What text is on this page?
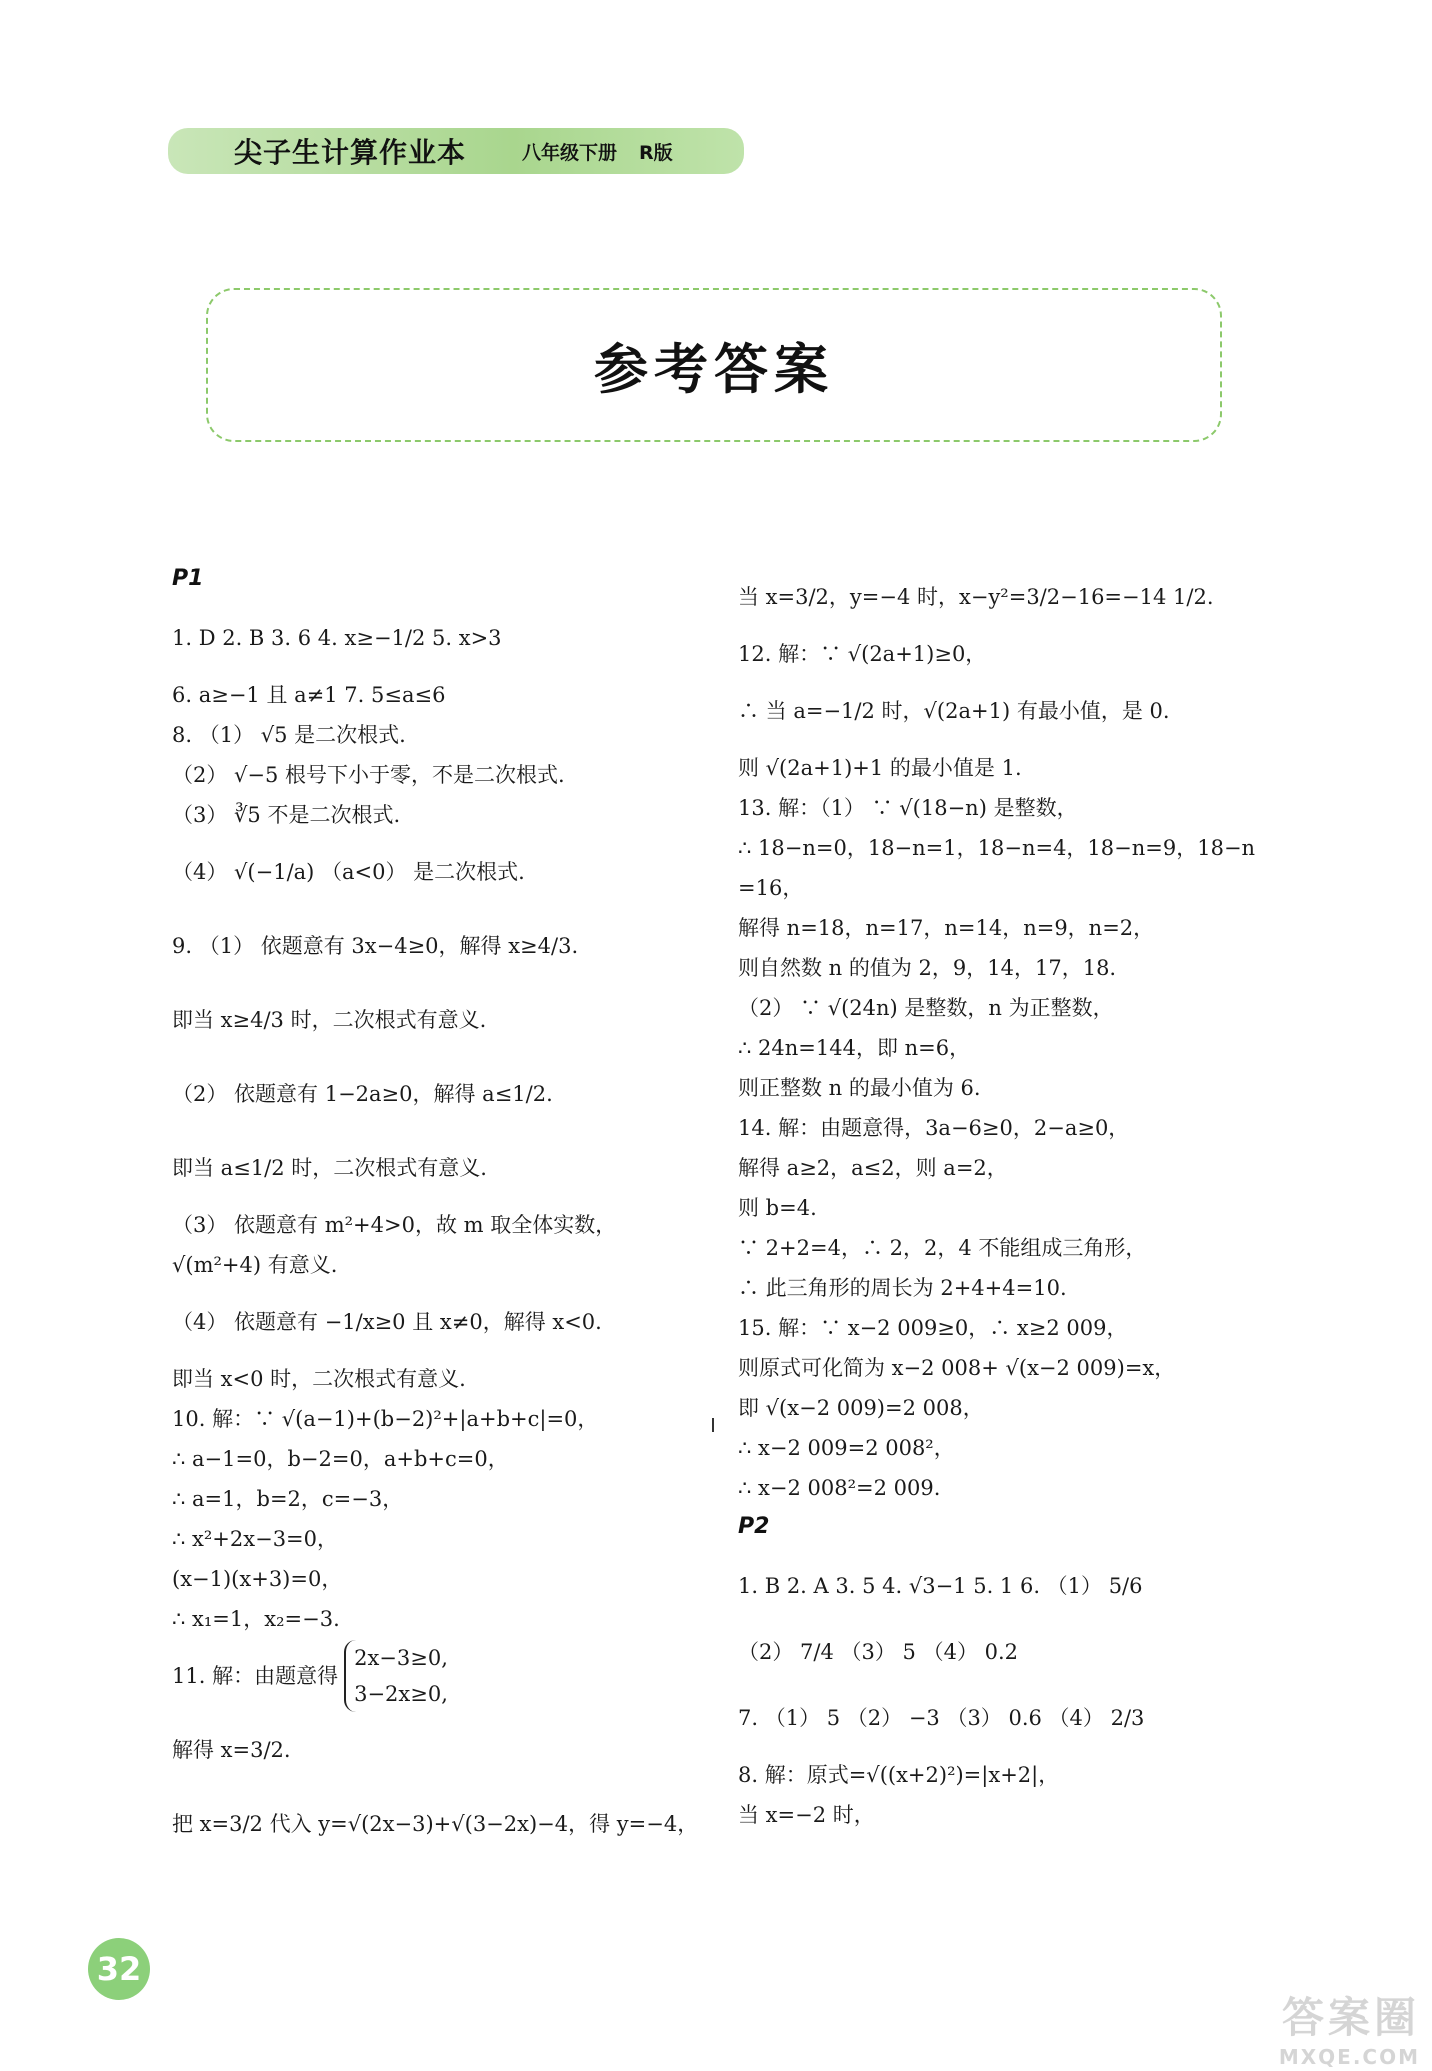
尖子生计算作业本	八年级下册 R版
参考答案
P1
1. D 2. B 3. 6 4. x≥−1/2 5. x>3
6. a≥−1 且 a≠1 7. 5≤a≤6
8. （1） √5 是二次根式.
（2） √−5 根号下小于零，不是二次根式.
（3） ∛5 不是二次根式.
（4） √(−1/a) （a<0） 是二次根式.
9. （1） 依题意有 3x−4≥0，解得 x≥4/3.
即当 x≥4/3 时，二次根式有意义.
（2） 依题意有 1−2a≥0，解得 a≤1/2.
即当 a≤1/2 时，二次根式有意义.
（3） 依题意有 m²+4>0，故 m 取全体实数，
√(m²+4) 有意义.
（4） 依题意有 −1/x≥0 且 x≠0，解得 x<0.
即当 x<0 时，二次根式有意义.
10. 解：∵ √(a−1)+(b−2)²+|a+b+c|=0，
∴ a−1=0，b−2=0，a+b+c=0，
∴ a=1，b=2，c=−3，
∴ x²+2x−3=0，
(x−1)(x+3)=0，
∴ x₁=1，x₂=−3.
11. 解：由题意得
2x−3≥0,
3−2x≥0,
解得 x=3/2.
把 x=3/2 代入 y=√(2x−3)+√(3−2x)−4，得 y=−4，
当 x=3/2，y=−4 时，x−y²=3/2−16=−14 1/2.
12. 解：∵ √(2a+1)≥0，
∴ 当 a=−1/2 时，√(2a+1) 有最小值，是 0.
则 √(2a+1)+1 的最小值是 1.
13. 解：（1） ∵ √(18−n) 是整数，
∴ 18−n=0，18−n=1，18−n=4，18−n=9，18−n
=16，
解得 n=18，n=17，n=14，n=9，n=2，
则自然数 n 的值为 2，9，14，17，18.
（2） ∵ √(24n) 是整数，n 为正整数，
∴ 24n=144，即 n=6，
则正整数 n 的最小值为 6.
14. 解：由题意得，3a−6≥0，2−a≥0，
解得 a≥2，a≤2，则 a=2，
则 b=4.
∵ 2+2=4，∴ 2，2，4 不能组成三角形，
∴ 此三角形的周长为 2+4+4=10.
15. 解：∵ x−2 009≥0，∴ x≥2 009，
则原式可化简为 x−2 008+ √(x−2 009)=x，
即 √(x−2 009)=2 008，
∴ x−2 009=2 008²，
∴ x−2 008²=2 009.
P2
1. B 2. A 3. 5 4. √3−1 5. 1 6. （1） 5/6
（2） 7/4 （3） 5 （4） 0.2
7. （1） 5 （2） −3 （3） 0.6 （4） 2/3
8. 解：原式=√((x+2)²)=|x+2|，
当 x=−2 时，
32
答案圈
MXQE.COM
